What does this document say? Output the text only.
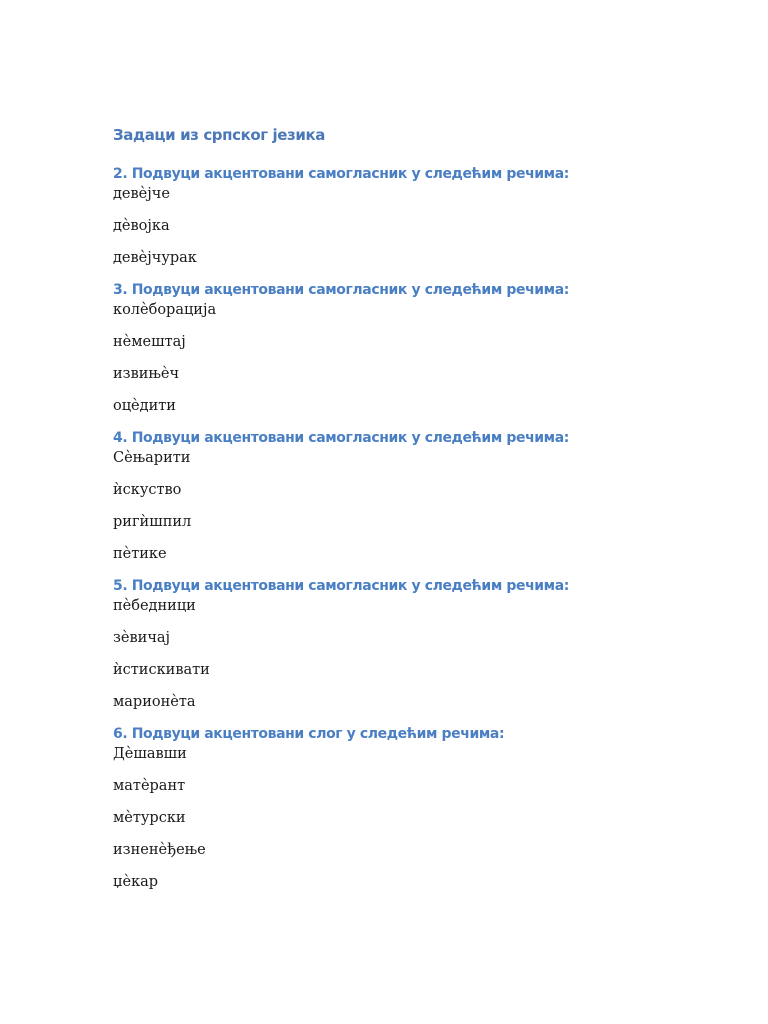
Задаци из српског језика
2. Подвуци акцентовани самогласник у следећим речима:
девѐјче
дѐвојка
девѐјчурак
3. Подвуци акцентовани самогласник у следећим речима:
колѐборација
нѐмештај
извињѐч
оцѐдити
4. Подвуци акцентовани самогласник у следећим речима:
Сѐњарити
ѝскуство
ригѝшпил
пѐтике
5. Подвуци акцентовани самогласник у следећим речима:
пѐбедници
зѐвичај
ѝстискивати
марионѐта
6. Подвуци акцентовани слог у следећим речима:
Дѐшавши
матѐрант
мѐтурски
изненѐђење
џѐкар
